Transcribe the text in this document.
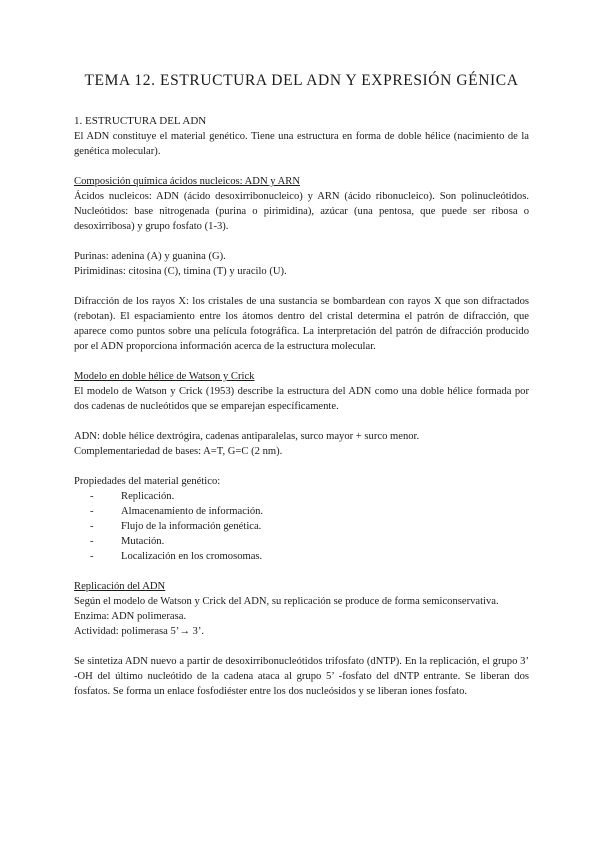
TEMA 12. ESTRUCTURA DEL ADN Y EXPRESIÓN GÉNICA
1. ESTRUCTURA DEL ADN

El ADN constituye el material genético. Tiene una estructura en forma de doble hélice (nacimiento de la genética molecular).

Composición química ácidos nucleicos: ADN y ARN

Ácidos nucleicos: ADN (ácido desoxirribonucleico) y ARN (ácido ribonucleico). Son polinucleótidos. Nucleótidos: base nitrogenada (purina o pirimidina), azúcar (una pentosa, que puede ser ribosa o desoxirribosa) y grupo fosfato (1-3).

Purinas: adenina (A) y guanina (G).

Pirimidinas: citosina (C), timina (T) y uracilo (U).

Difracción de los rayos X: los cristales de una sustancia se bombardean con rayos X que son difractados (rebotan). El espaciamiento entre los átomos dentro del cristal determina el patrón de difracción, que aparece como puntos sobre una película fotográfica. La interpretación del patrón de difracción producido por el ADN proporciona información acerca de la estructura molecular.

Modelo en doble hélice de Watson y Crick

El modelo de Watson y Crick (1953) describe la estructura del ADN como una doble hélice formada por dos cadenas de nucleótidos que se emparejan específicamente.

ADN: doble hélice dextrógira, cadenas antiparalelas, surco mayor + surco menor.

Complementariedad de bases: A=T, G=C (2 nm).

Propiedades del material genético:

-	Replicación.
-	Almacenamiento de información.
-	Flujo de la información genética.
-	Mutación.
-	Localización en los cromosomas.
Replicación del ADN

Según el modelo de Watson y Crick del ADN, su replicación se produce de forma semiconservativa.

Enzima: ADN polimerasa.

Actividad: polimerasa 5’→ 3’.

Se sintetiza ADN nuevo a partir de desoxirribonucleótidos trifosfato (dNTP). En la replicación, el grupo 3’ -OH del último nucleótido de la cadena ataca al grupo 5’ -fosfato del dNTP entrante. Se liberan dos fosfatos. Se forma un enlace fosfodiéster entre los dos nucleósidos y se liberan iones fosfato.
